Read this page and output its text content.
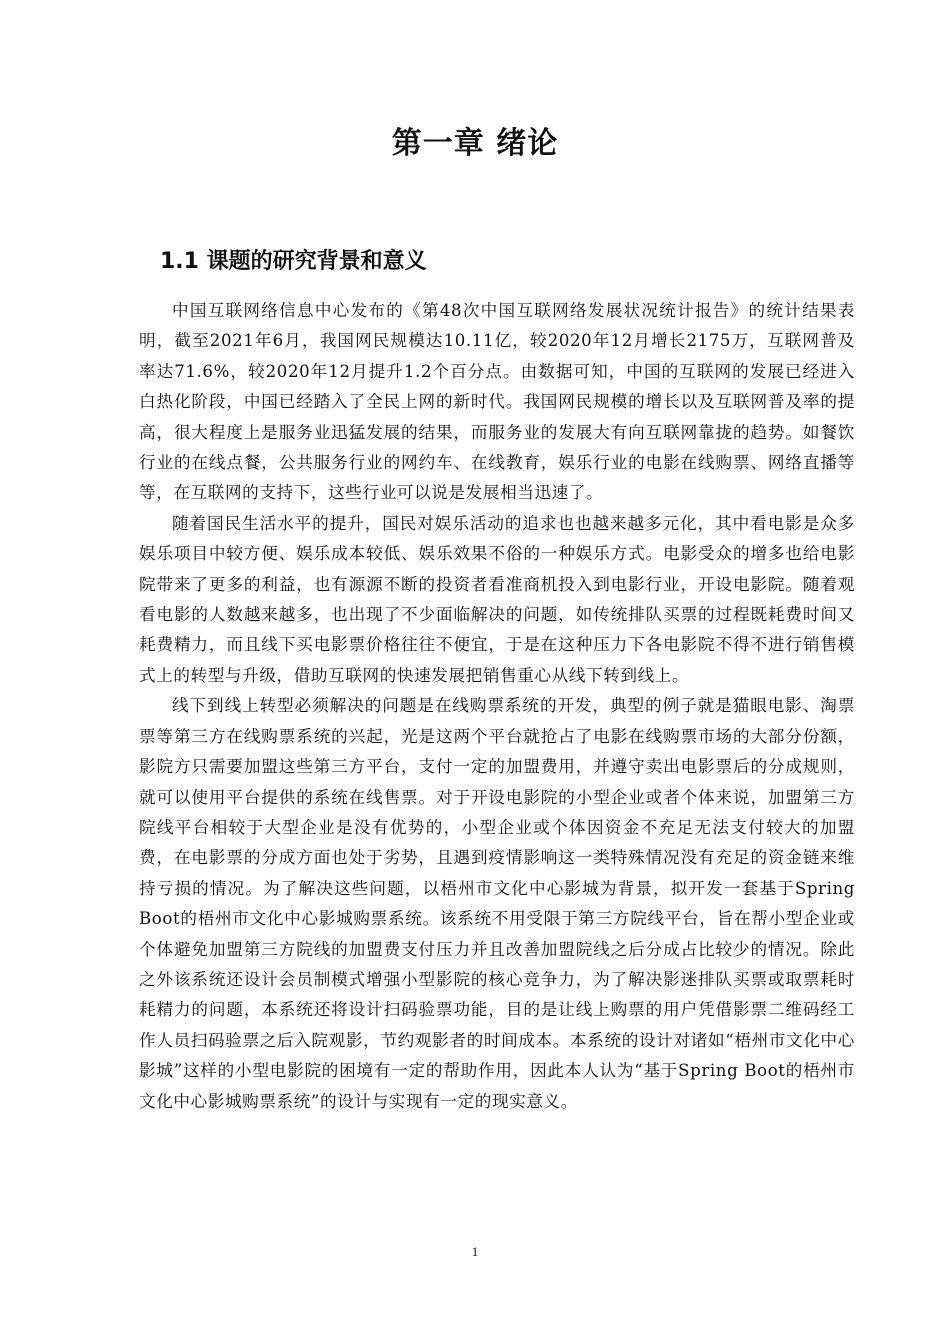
第一章 绪论
1.1 课题的研究背景和意义

中国互联网络信息中心发布的《第48次中国互联网络发展状况统计报告》的统计结果表明，截至2021年6月，我国网民规模达10.11亿，较2020年12月增长2175万，互联网普及率达71.6%，较2020年12月提升1.2个百分点。由数据可知，中国的互联网的发展已经进入白热化阶段，中国已经踏入了全民上网的新时代。我国网民规模的增长以及互联网普及率的提高，很大程度上是服务业迅猛发展的结果，而服务业的发展大有向互联网靠拢的趋势。如餐饮行业的在线点餐，公共服务行业的网约车、在线教育，娱乐行业的电影在线购票、网络直播等等，在互联网的支持下，这些行业可以说是发展相当迅速了。

随着国民生活水平的提升，国民对娱乐活动的追求也也越来越多元化，其中看电影是众多娱乐项目中较方便、娱乐成本较低、娱乐效果不俗的一种娱乐方式。电影受众的增多也给电影院带来了更多的利益，也有源源不断的投资者看准商机投入到电影行业，开设电影院。随着观看电影的人数越来越多，也出现了不少面临解决的问题，如传统排队买票的过程既耗费时间又耗费精力，而且线下买电影票价格往往不便宜，于是在这种压力下各电影院不得不进行销售模式上的转型与升级，借助互联网的快速发展把销售重心从线下转到线上。

线下到线上转型必须解决的问题是在线购票系统的开发，典型的例子就是猫眼电影、淘票票等第三方在线购票系统的兴起，光是这两个平台就抢占了电影在线购票市场的大部分份额，影院方只需要加盟这些第三方平台，支付一定的加盟费用，并遵守卖出电影票后的分成规则，就可以使用平台提供的系统在线售票。对于开设电影院的小型企业或者个体来说，加盟第三方院线平台相较于大型企业是没有优势的，小型企业或个体因资金不充足无法支付较大的加盟费，在电影票的分成方面也处于劣势，且遇到疫情影响这一类特殊情况没有充足的资金链来维持亏损的情况。为了解决这些问题，以梧州市文化中心影城为背景，拟开发一套基于Spring Boot的梧州市文化中心影城购票系统。该系统不用受限于第三方院线平台，旨在帮小型企业或个体避免加盟第三方院线的加盟费支付压力并且改善加盟院线之后分成占比较少的情况。除此之外该系统还设计会员制模式增强小型影院的核心竞争力，为了解决影迷排队买票或取票耗时耗精力的问题，本系统还将设计扫码验票功能，目的是让线上购票的用户凭借影票二维码经工作人员扫码验票之后入院观影，节约观影者的时间成本。本系统的设计对诸如“梧州市文化中心影城”这样的小型电影院的困境有一定的帮助作用，因此本人认为“基于Spring Boot的梧州市文化中心影城购票系统”的设计与实现有一定的现实意义。

1
